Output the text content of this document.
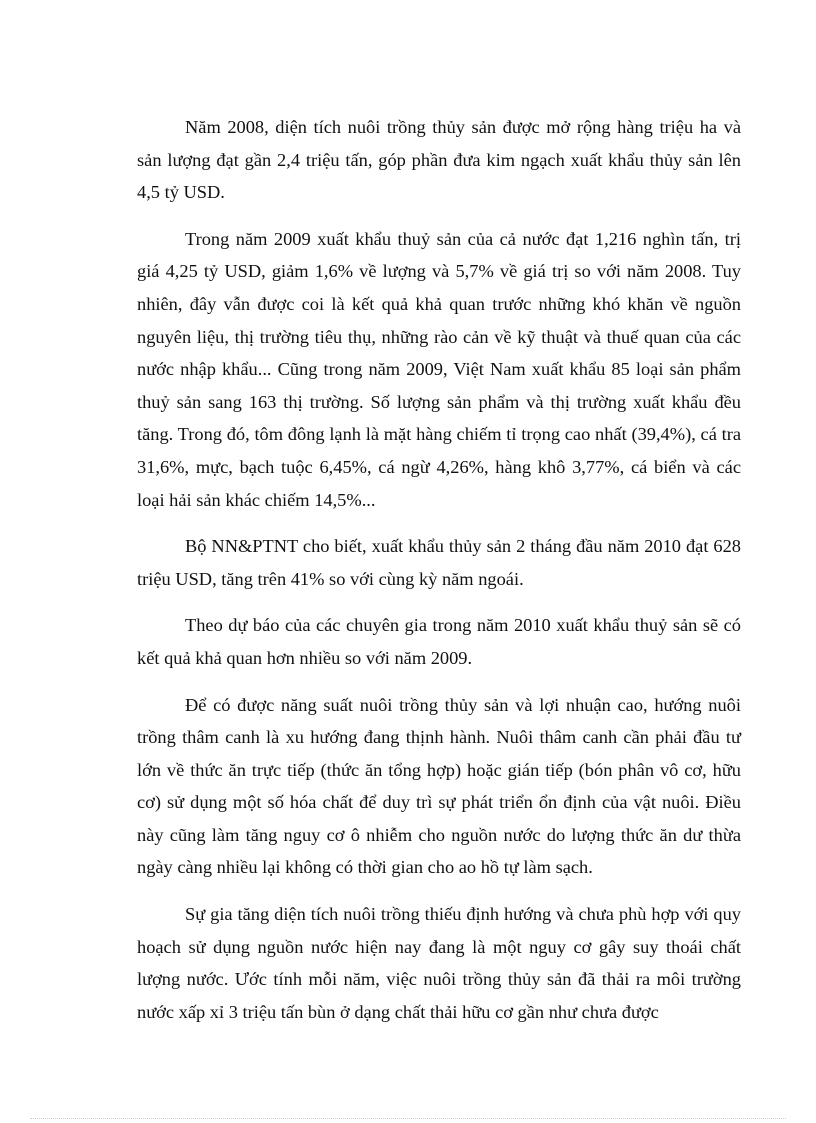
Năm 2008, diện tích nuôi trồng thủy sản được mở rộng hàng triệu ha và sản lượng đạt gần 2,4 triệu tấn, góp phần đưa kim ngạch xuất khẩu thủy sản lên 4,5 tỷ USD.

Trong năm 2009 xuất khẩu thuỷ sản của cả nước đạt 1,216 nghìn tấn, trị giá 4,25 tỷ USD, giảm 1,6% về lượng và 5,7% về giá trị so với năm 2008. Tuy nhiên, đây vẫn được coi là kết quả khả quan trước những khó khăn về nguồn nguyên liệu, thị trường tiêu thụ, những rào cản về kỹ thuật và thuế quan của các nước nhập khẩu... Cũng trong năm 2009, Việt Nam xuất khẩu 85 loại sản phẩm thuỷ sản sang 163 thị trường. Số lượng sản phẩm và thị trường xuất khẩu đều tăng. Trong đó, tôm đông lạnh là mặt hàng chiếm tỉ trọng cao nhất (39,4%), cá tra 31,6%, mực, bạch tuộc 6,45%, cá ngừ 4,26%, hàng khô 3,77%, cá biển và các loại hải sản khác chiếm 14,5%...

Bộ NN&PTNT cho biết, xuất khẩu thủy sản 2 tháng đầu năm 2010 đạt 628 triệu USD, tăng trên 41% so với cùng kỳ năm ngoái.

Theo dự báo của các chuyên gia trong năm 2010 xuất khẩu thuỷ sản sẽ có kết quả khả quan hơn nhiều so với năm 2009.

Để có được năng suất nuôi trồng thủy sản và lợi nhuận cao, hướng nuôi trồng thâm canh là xu hướng đang thịnh hành. Nuôi thâm canh cần phải đầu tư lớn về thức ăn trực tiếp (thức ăn tổng hợp) hoặc gián tiếp (bón phân vô cơ, hữu cơ) sử dụng một số hóa chất để duy trì sự phát triển ổn định của vật nuôi. Điều này cũng làm tăng nguy cơ ô nhiễm cho nguồn nước do lượng thức ăn dư thừa ngày càng nhiều lại không có thời gian cho ao hồ tự làm sạch.

Sự gia tăng diện tích nuôi trồng thiếu định hướng và chưa phù hợp với quy hoạch sử dụng nguồn nước hiện nay đang là một nguy cơ gây suy thoái chất lượng nước. Ước tính mỗi năm, việc nuôi trồng thủy sản đã thải ra môi trường nước xấp xỉ 3 triệu tấn bùn ở dạng chất thải hữu cơ gần như chưa được
